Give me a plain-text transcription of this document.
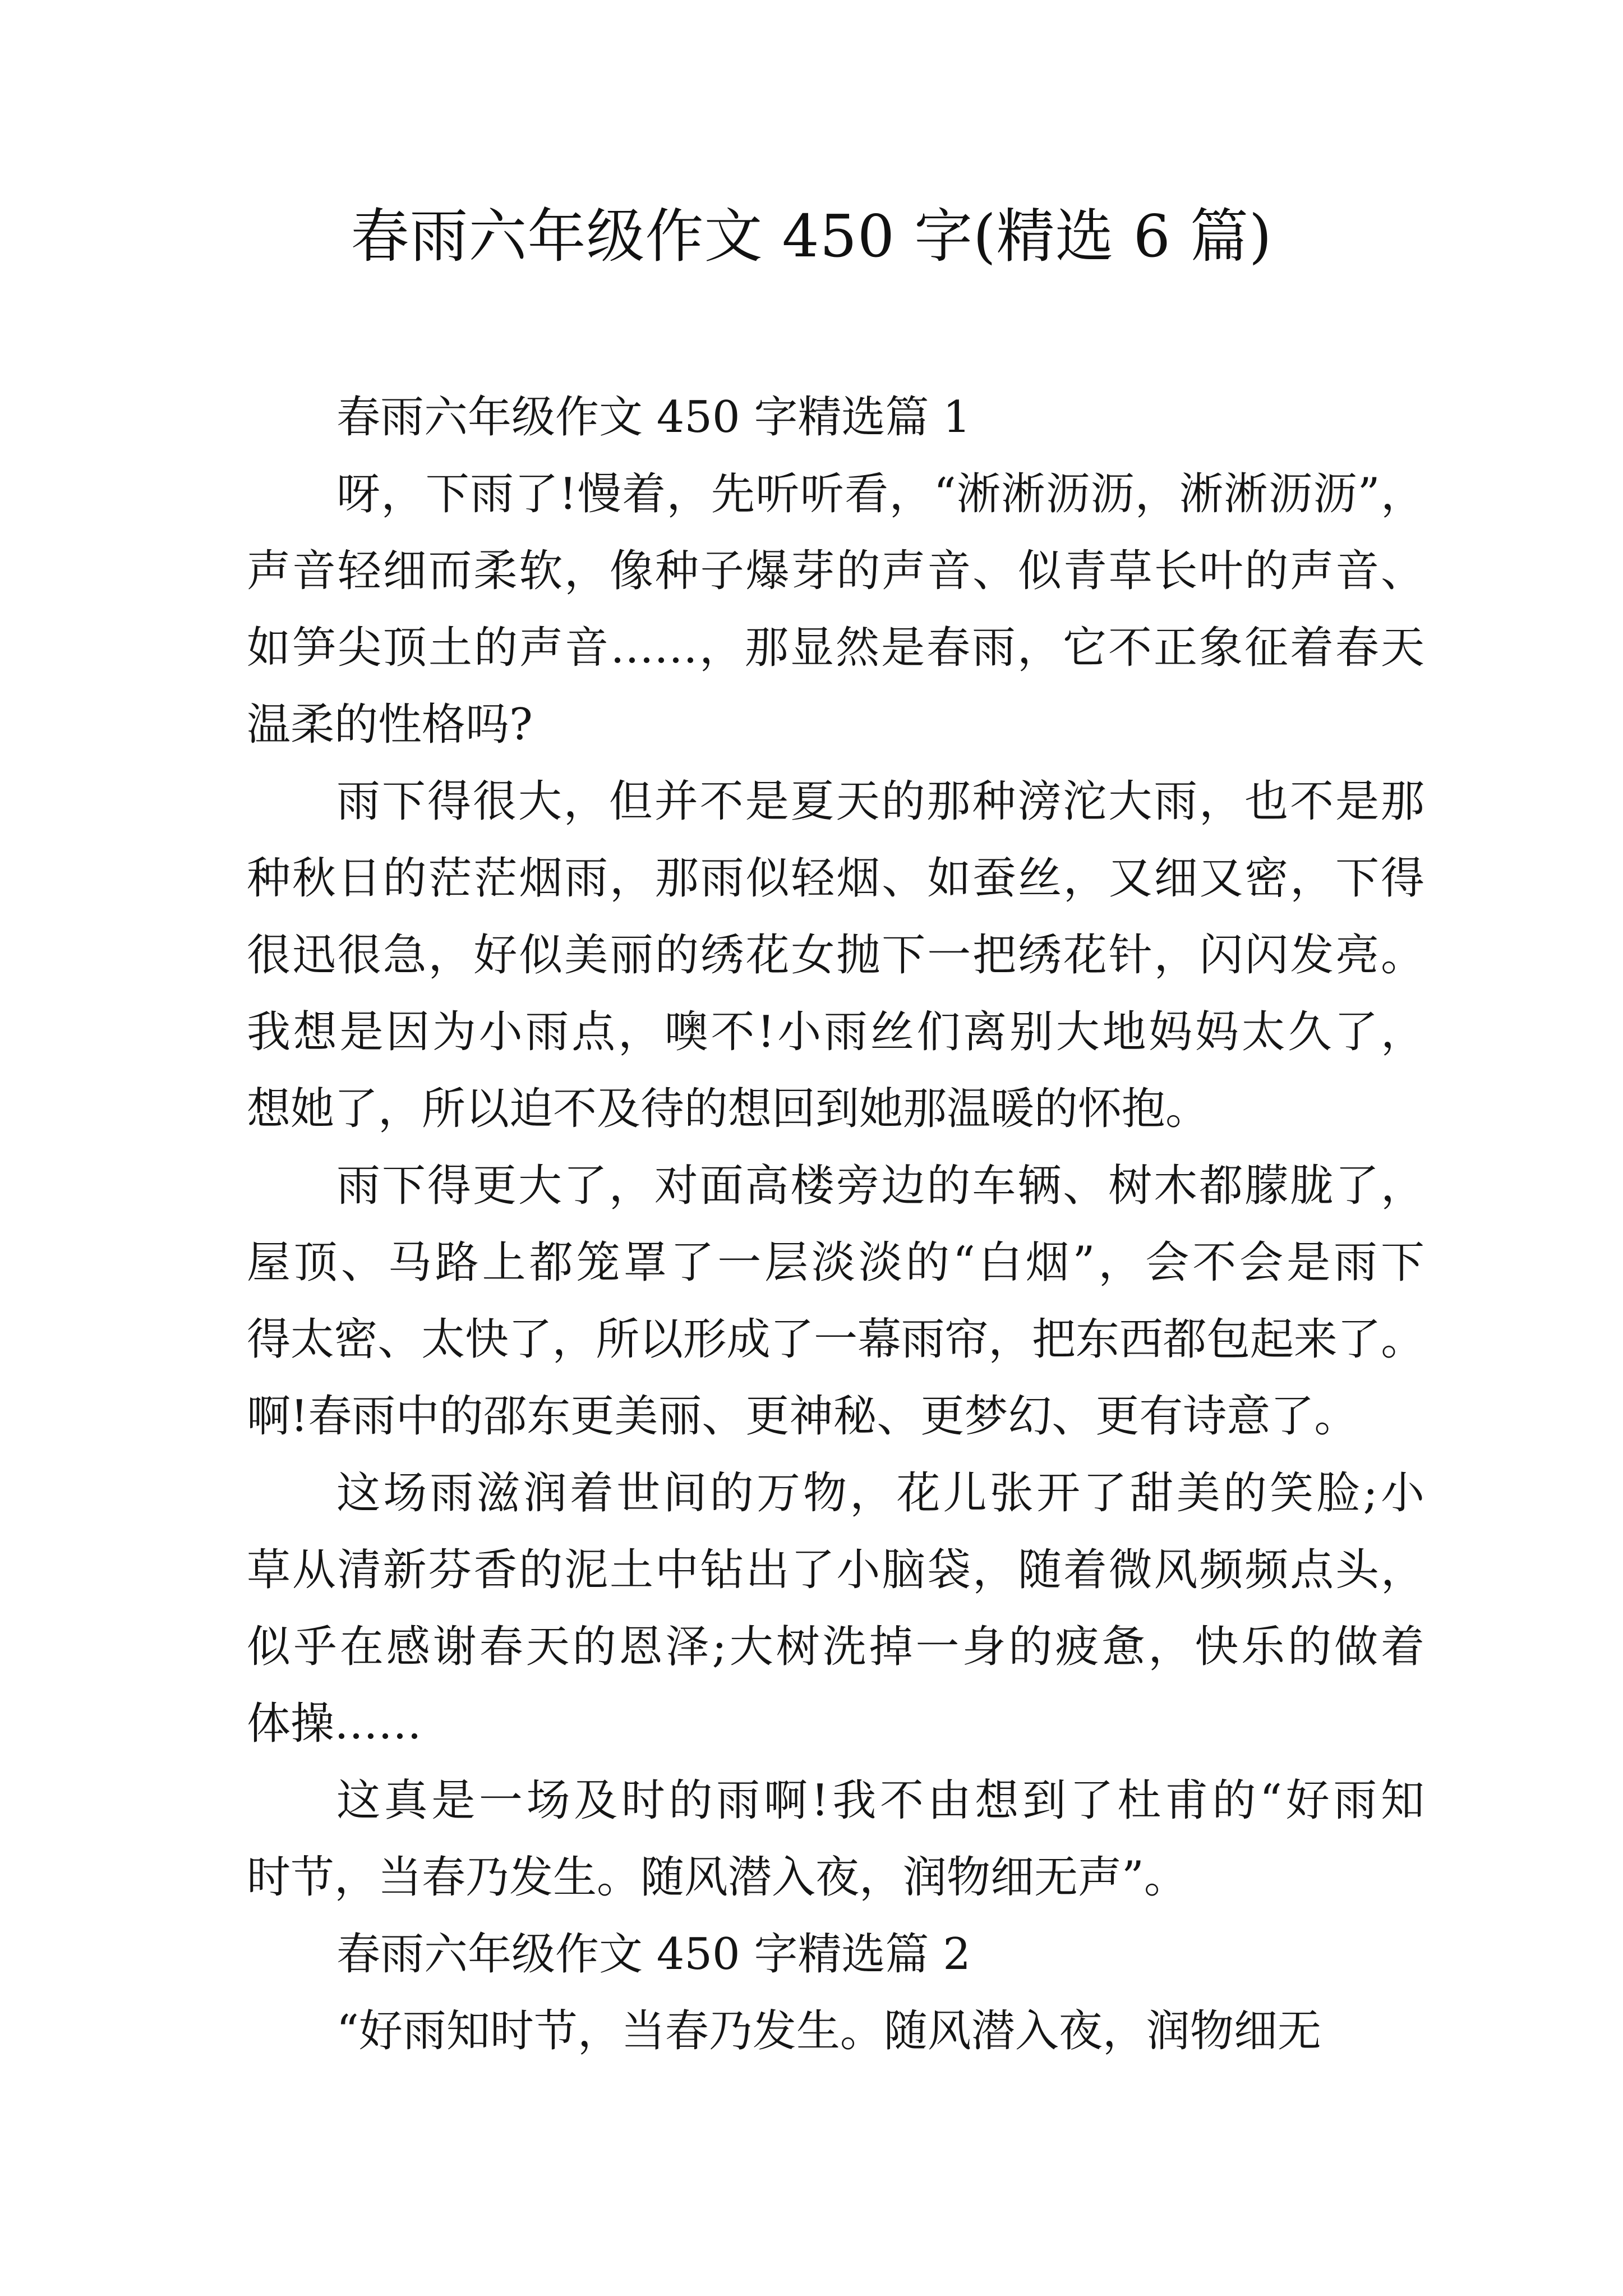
春雨六年级作文 450 字(精选 6 篇)
春雨六年级作文 450 字精选篇 1
呀，下雨了!慢着，先听听看，“淅淅沥沥，淅淅沥沥”，
声音轻细而柔软，像种子爆芽的声音、似青草长叶的声音、
如笋尖顶土的声音……，那显然是春雨，它不正象征着春天
温柔的性格吗?
雨下得很大，但并不是夏天的那种滂沱大雨，也不是那
种秋日的茫茫烟雨，那雨似轻烟、如蚕丝，又细又密，下得
很迅很急，好似美丽的绣花女抛下一把绣花针，闪闪发亮。
我想是因为小雨点，噢不!小雨丝们离别大地妈妈太久了，
想她了，所以迫不及待的想回到她那温暖的怀抱。
雨下得更大了，对面高楼旁边的车辆、树木都朦胧了，
屋顶、马路上都笼罩了一层淡淡的“白烟”，会不会是雨下
得太密、太快了，所以形成了一幕雨帘，把东西都包起来了。
啊!春雨中的邵东更美丽、更神秘、更梦幻、更有诗意了。
这场雨滋润着世间的万物，花儿张开了甜美的笑脸;小
草从清新芬香的泥土中钻出了小脑袋，随着微风频频点头，
似乎在感谢春天的恩泽;大树洗掉一身的疲惫，快乐的做着
体操……
这真是一场及时的雨啊!我不由想到了杜甫的“好雨知
时节，当春乃发生。随风潜入夜，润物细无声”。
春雨六年级作文 450 字精选篇 2
“好雨知时节，当春乃发生。随风潜入夜，润物细无
